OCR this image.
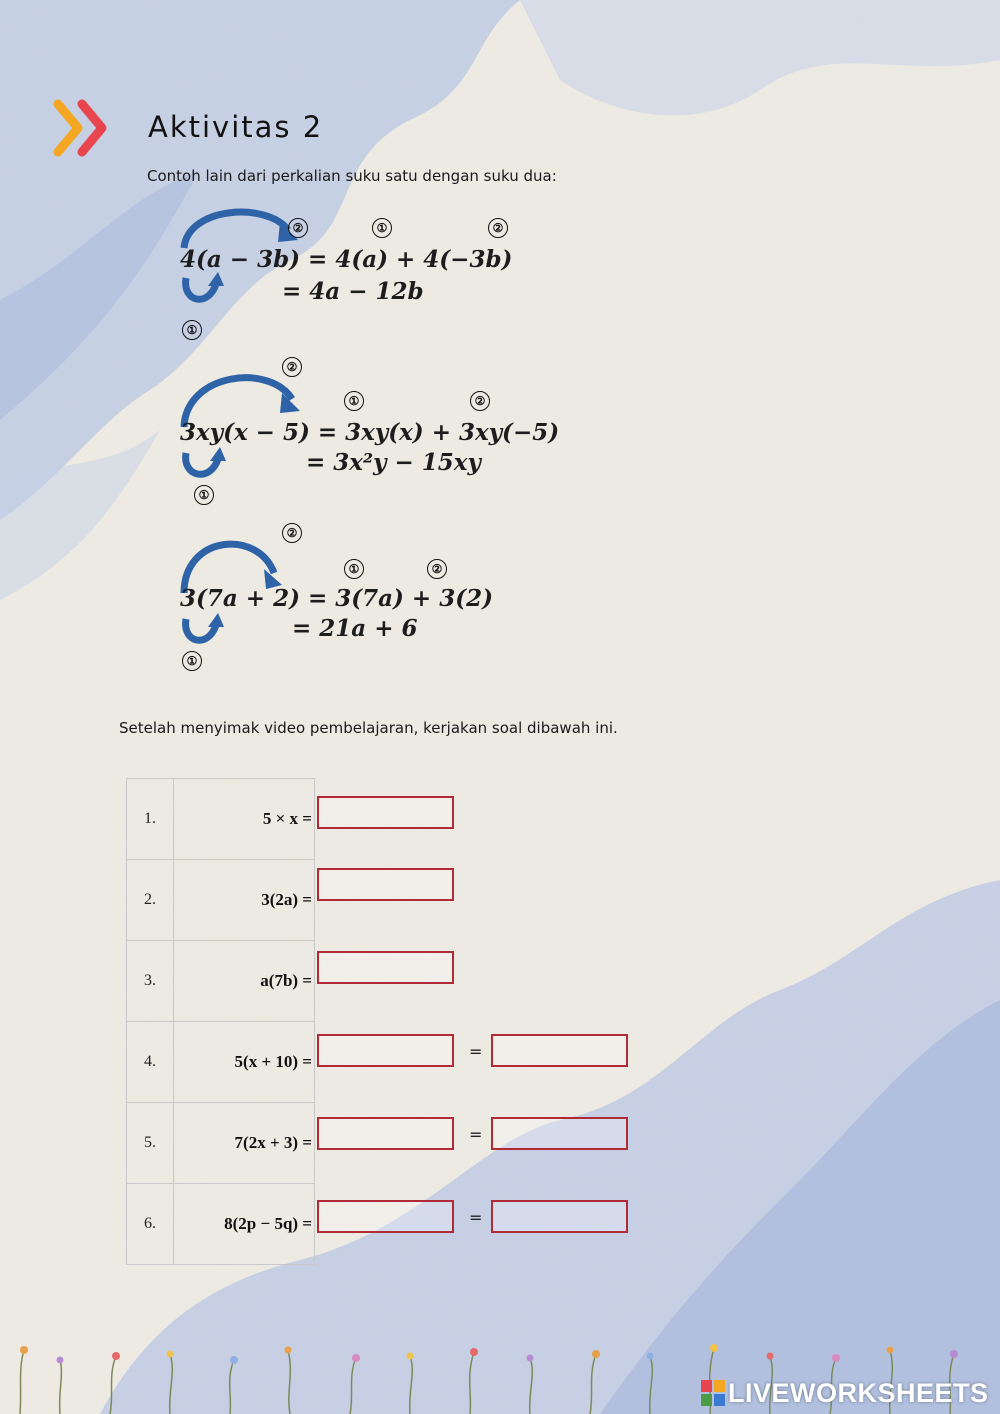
Aktivitas 2
Contoh lain dari perkalian suku satu dengan suku dua:
②	①	②
4(a − 3b) = 4(a) + 4(−3b)
= 4a − 12b
①
②
①	②
3xy(x − 5) = 3xy(x) + 3xy(−5)
= 3x²y − 15xy
①
②
①	②
3(7a + 2) = 3(7a) + 3(2)
= 21a + 6
①
Setelah menyimak video pembelajaran, kerjakan soal dibawah ini.
1.	5 × x =
2.	3(2a) =
3.	a(7b) =
4.	5(x + 10) =
5.	7(2x + 3) =
6.	8(2p − 5q) =
=
=
=
LIVEWORKSHEETS
